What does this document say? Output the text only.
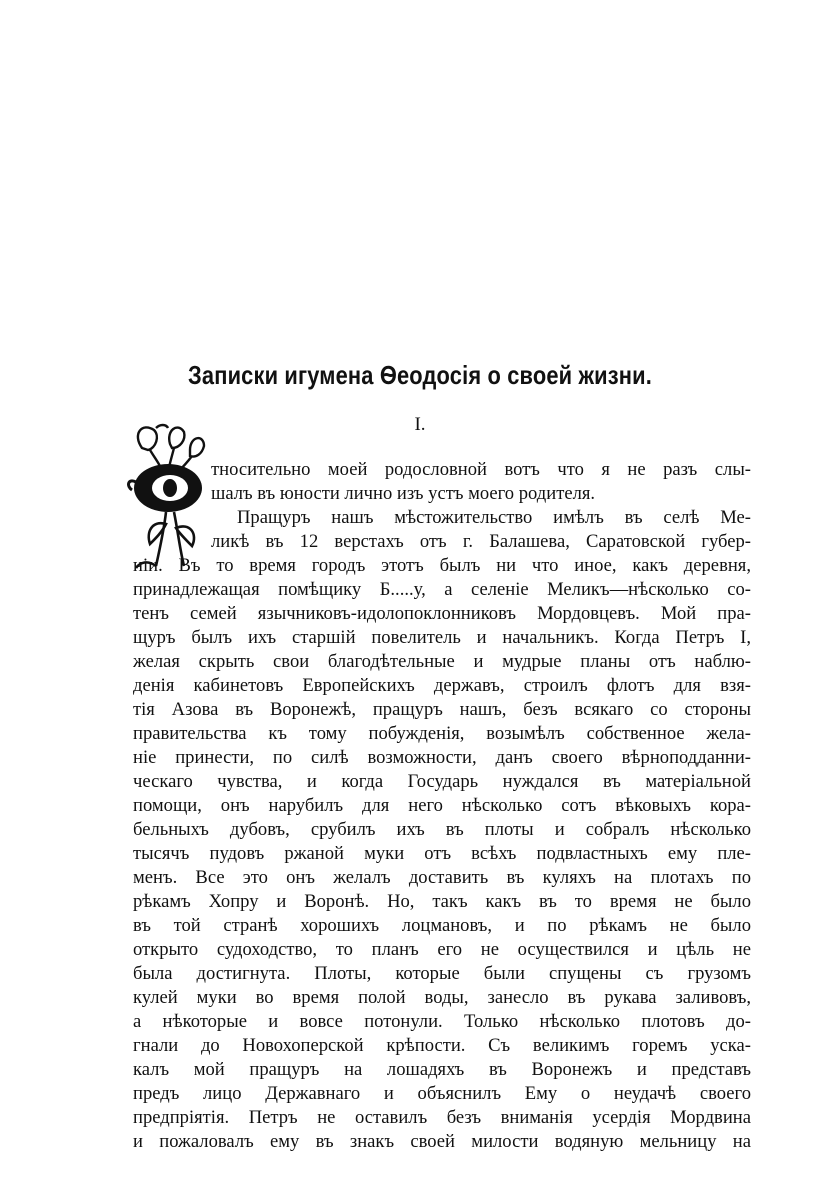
Записки игумена Ѳеодосія о своей жизни.
I.
тносительно моей родословной вотъ что я не разъ слы-
шалъ въ юности лично изъ устъ моего родителя.
Пращуръ нашъ мѣстожительство имѣлъ въ селѣ Ме-
ликѣ въ 12 верстахъ отъ г. Балашева, Саратовской губер-
ніи. Въ то время городъ этотъ былъ ни что иное, какъ деревня,
принадлежащая помѣщику Б.....у, а селеніе Меликъ—нѣсколько со-
тенъ семей язычниковъ-идолопоклонниковъ Мордовцевъ. Мой пра-
щуръ былъ ихъ старшій повелитель и начальникъ. Когда Петръ I,
желая скрыть свои благодѣтельные и мудрые планы отъ наблю-
денія кабинетовъ Европейскихъ державъ, строилъ флотъ для взя-
тія Азова въ Воронежѣ, пращуръ нашъ, безъ всякаго со стороны
правительства къ тому побужденія, возымѣлъ собственное жела-
ніе принести, по силѣ возможности, данъ своего вѣрноподданни-
ческаго чувства, и когда Государь нуждался въ матеріальной
помощи, онъ нарубилъ для него нѣсколько сотъ вѣковыхъ кора-
бельныхъ дубовъ, срубилъ ихъ въ плоты и собралъ нѣсколько
тысячъ пудовъ ржаной муки отъ всѣхъ подвластныхъ ему пле-
менъ. Все это онъ желалъ доставить въ куляхъ на плотахъ по
рѣкамъ Хопру и Воронѣ. Но, такъ какъ въ то время не было
въ той странѣ хорошихъ лоцмановъ, и по рѣкамъ не было
открыто судоходство, то планъ его не осуществился и цѣль не
была достигнута. Плоты, которые были спущены съ грузомъ
кулей муки во время полой воды, занесло въ рукава заливовъ,
а нѣкоторые и вовсе потонули. Только нѣсколько плотовъ до-
гнали до Новохоперской крѣпости. Съ великимъ горемъ уска-
калъ мой пращуръ на лошадяхъ въ Воронежъ и представъ
предъ лицо Державнаго и объяснилъ Ему о неудачѣ своего
предпріятія. Петръ не оставилъ безъ вниманія усердія Мордвина
и пожаловалъ ему въ знакъ своей милости водяную мельницу на
